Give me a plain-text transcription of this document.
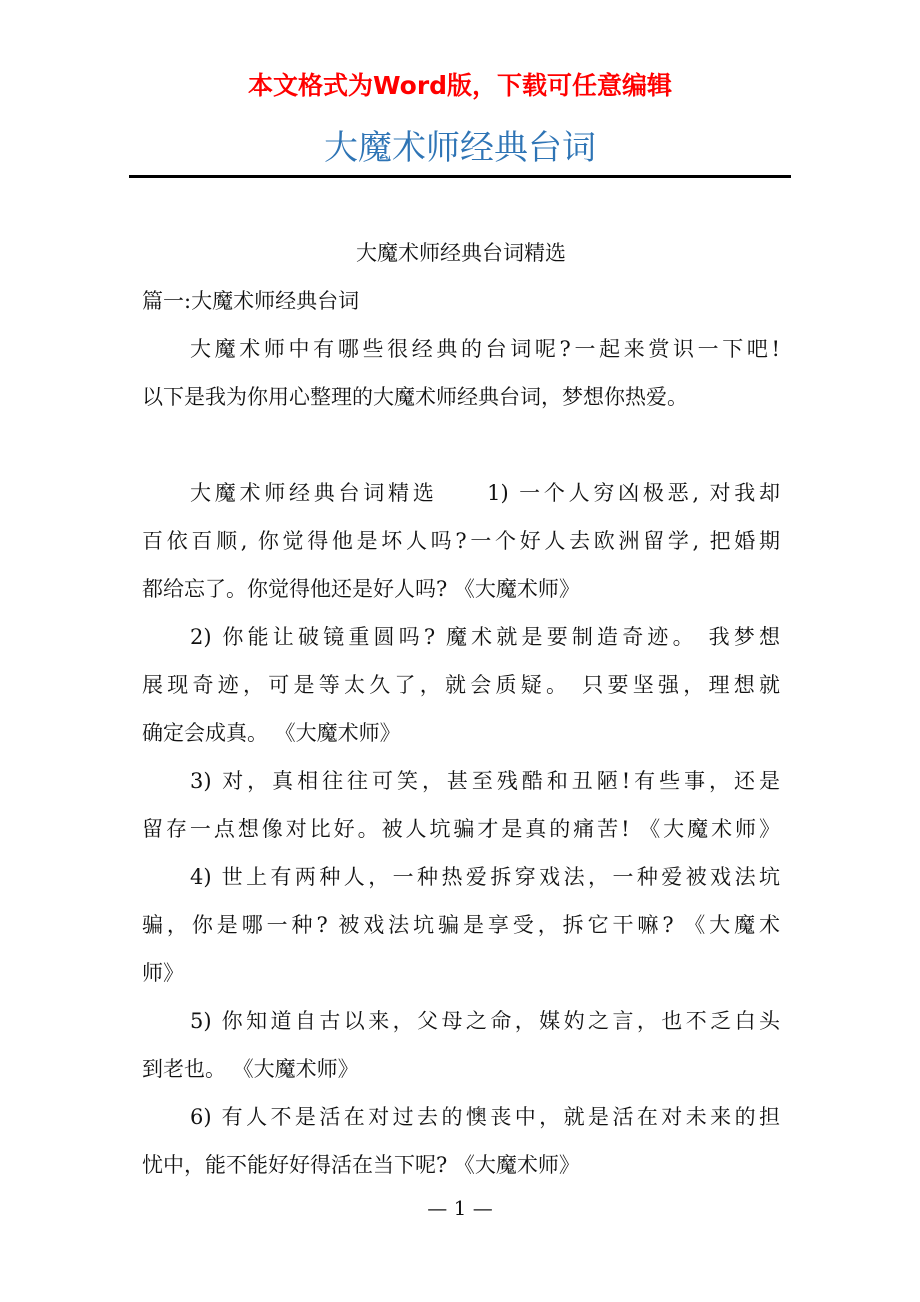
本文格式为Word版，下载可任意编辑
大魔术师经典台词
大魔术师经典台词精选
篇一:大魔术师经典台词
大魔术师中有哪些很经典的台词呢?一起来赏识一下吧!
以下是我为你用心整理的大魔术师经典台词，梦想你热爱。
大魔术师经典台词精选　　1) 一个人穷凶极恶, 对我却
百依百顺, 你觉得他是坏人吗?一个好人去欧洲留学, 把婚期
都给忘了。你觉得他还是好人吗? 《大魔术师》
2) 你能让破镜重圆吗? 魔术就是要制造奇迹。 我梦想
展现奇迹，可是等太久了，就会质疑。 只要坚强，理想就
确定会成真。 《大魔术师》
3) 对，真相往往可笑，甚至残酷和丑陋!有些事，还是
留存一点想像对比好。被人坑骗才是真的痛苦! 《大魔术师》
4) 世上有两种人，一种热爱拆穿戏法，一种爱被戏法坑
骗，你是哪一种? 被戏法坑骗是享受，拆它干嘛? 《大魔术
师》
5) 你知道自古以来，父母之命，媒妁之言，也不乏白头
到老也。 《大魔术师》
6) 有人不是活在对过去的懊丧中，就是活在对未来的担
忧中，能不能好好得活在当下呢? 《大魔术师》
— 1 —
